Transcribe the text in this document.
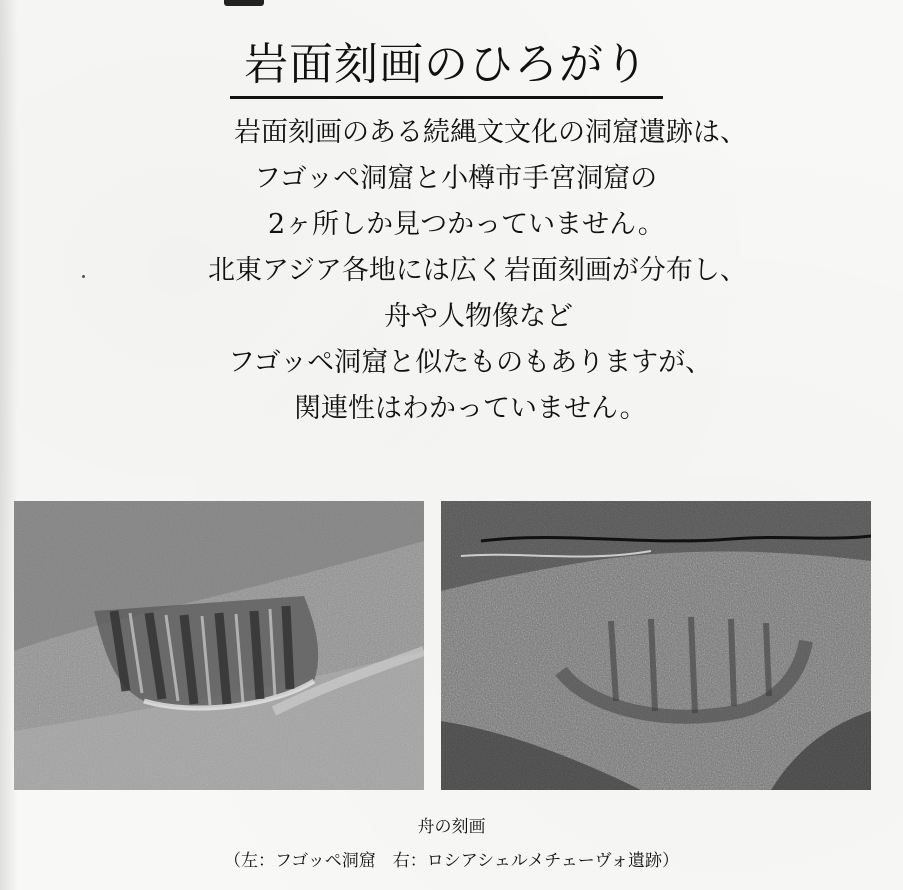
岩面刻画のひろがり
岩面刻画のある続縄文文化の洞窟遺跡は、
フゴッペ洞窟と小樽市手宮洞窟の
2ヶ所しか見つかっていません。
北東アジア各地には広く岩面刻画が分布し、
舟や人物像など
フゴッペ洞窟と似たものもありますが、
関連性はわかっていません。
舟の刻画
（左：フゴッペ洞窟　右：ロシアシェルメチェーヴォ遺跡）
